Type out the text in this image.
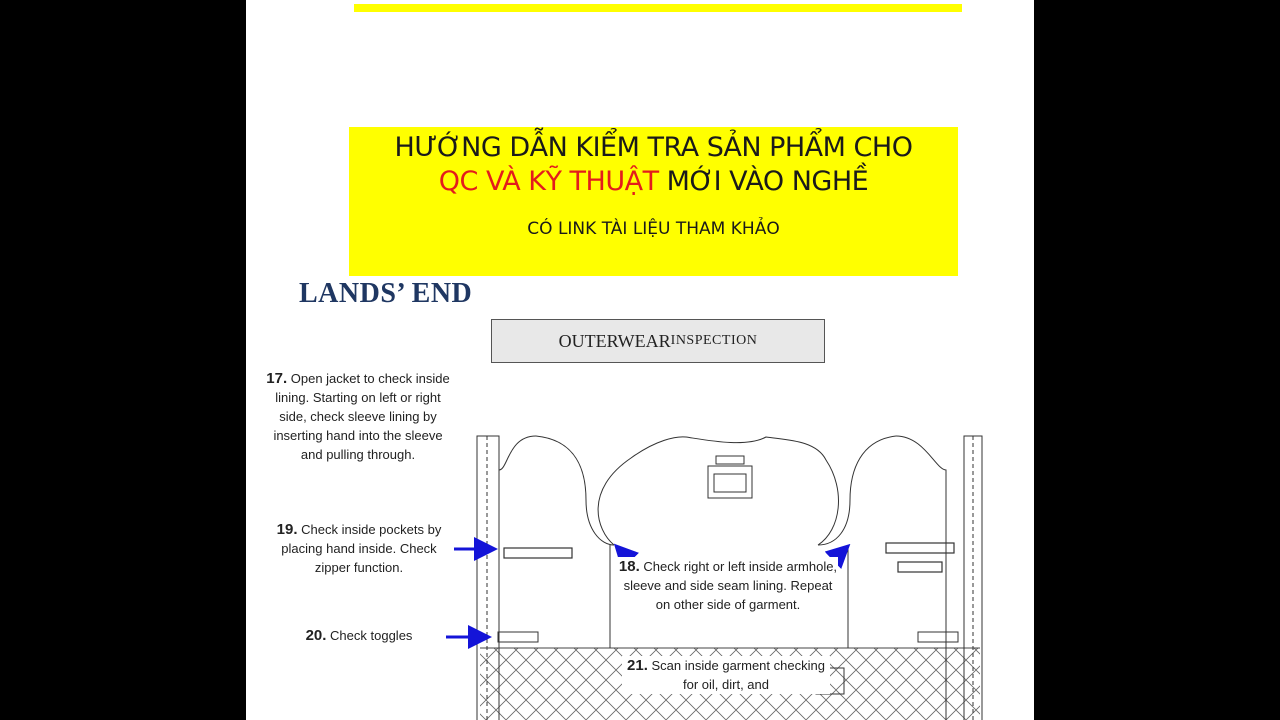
HƯỚNG DẪN KIỂM TRA SẢN PHẨM CHO
QC VÀ KỸ THUẬT MỚI VÀO NGHỀ
CÓ LINK TÀI LIỆU THAM KHẢO
LANDS’ END
OUTERWEAR INSPECTION
17. Open jacket to check inside lining. Starting on left or right side, check sleeve lining by inserting hand into the sleeve and pulling through.
19. Check inside pockets by placing hand inside. Check zipper function.
20. Check toggles
18. Check right or left inside armhole, sleeve and side seam lining. Repeat on other side of garment.
21. Scan inside garment checking for oil, dirt, and
